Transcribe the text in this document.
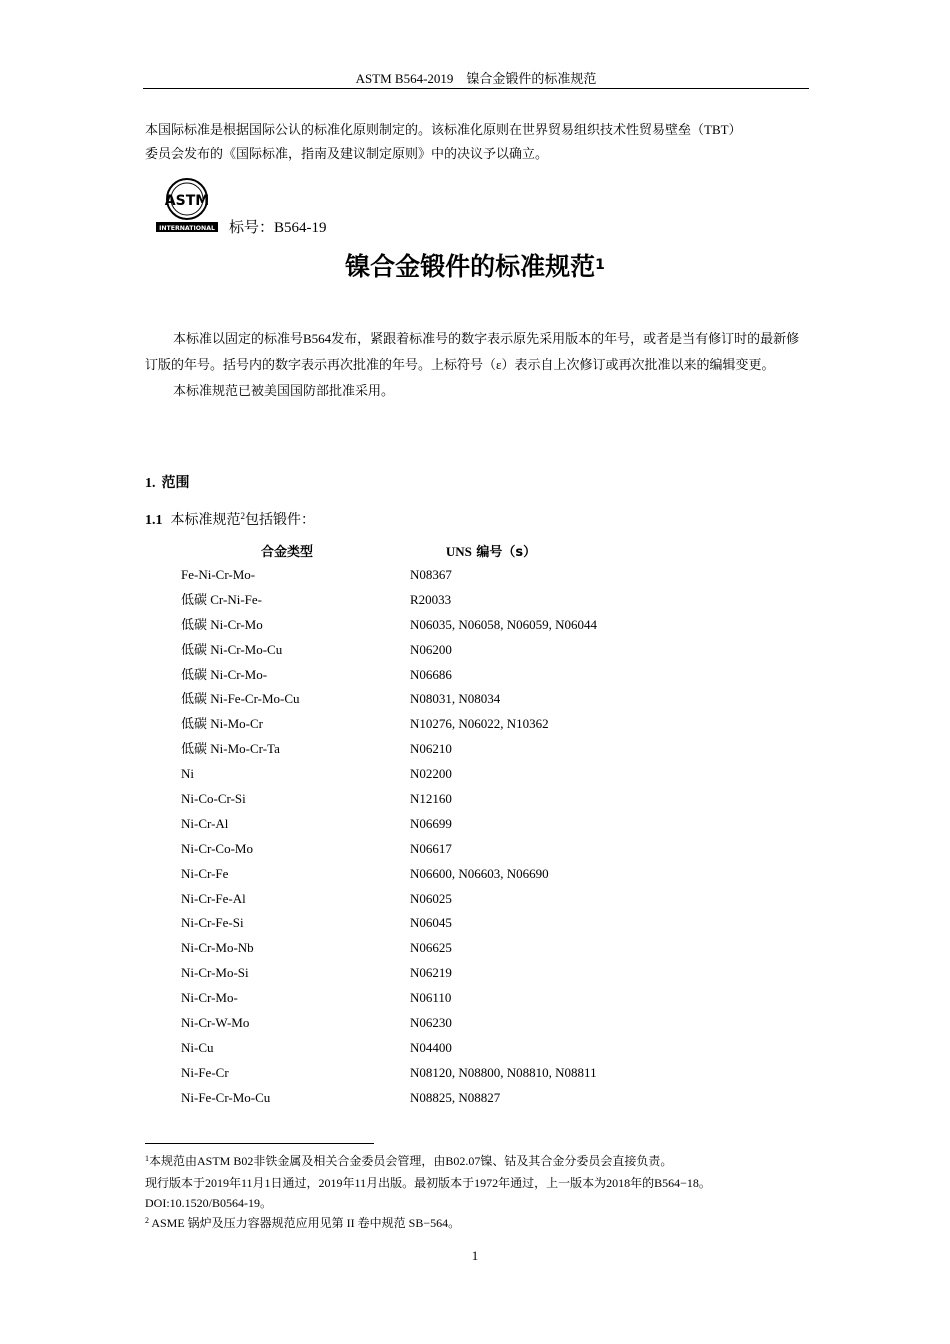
ASTM B564-2019　镍合金锻件的标准规范
本国际标准是根据国际公认的标准化原则制定的。该标准化原则在世界贸易组织技术性贸易壁垒（TBT）
委员会发布的《国际标准，指南及建议制定原则》中的决议予以确立。
ASTM
INTERNATIONAL 标号：B564-19
镍合金锻件的标准规范$^1$

本标准以固定的标准号B564发布，紧跟着标准号的数字表示原先采用版本的年号，或者是当有修订时的最新修订版的年号。括号内的数字表示再次批准的年号。上标符号（ε）表示自上次修订或再次批准以来的编辑变更。

本标准规范已被美国国防部批准采用。

1. 范围
1.1 本标准规范$^2$包括锻件：
合金类型	UNS 编号（s）
Fe-Ni-Cr-Mo-	N08367
低碳 Cr-Ni-Fe-	R20033
低碳 Ni-Cr-Mo	N06035, N06058, N06059, N06044
低碳 Ni-Cr-Mo-Cu	N06200
低碳 Ni-Cr-Mo-	N06686
低碳 Ni-Fe-Cr-Mo-Cu	N08031, N08034
低碳 Ni-Mo-Cr	N10276, N06022, N10362
低碳 Ni-Mo-Cr-Ta	N06210
Ni	N02200
Ni-Co-Cr-Si	N12160
Ni-Cr-Al	N06699
Ni-Cr-Co-Mo	N06617
Ni-Cr-Fe	N06600, N06603, N06690
Ni-Cr-Fe-Al	N06025
Ni-Cr-Fe-Si	N06045
Ni-Cr-Mo-Nb	N06625
Ni-Cr-Mo-Si	N06219
Ni-Cr-Mo-	N06110
Ni-Cr-W-Mo	N06230
Ni-Cu	N04400
Ni-Fe-Cr	N08120, N08800, N08810, N08811
Ni-Fe-Cr-Mo-Cu	N08825, N08827
$^1$本规范由ASTM B02非铁金属及相关合金委员会管理，由B02.07镍、钴及其合金分委员会直接负责。
现行版本于2019年11月1日通过，2019年11月出版。最初版本于1972年通过，上一版本为2018年的B564−18。
DOI:10.1520/B0564-19。
$^2$ ASME 锅炉及压力容器规范应用见第 II 卷中规范 SB−564。
1
